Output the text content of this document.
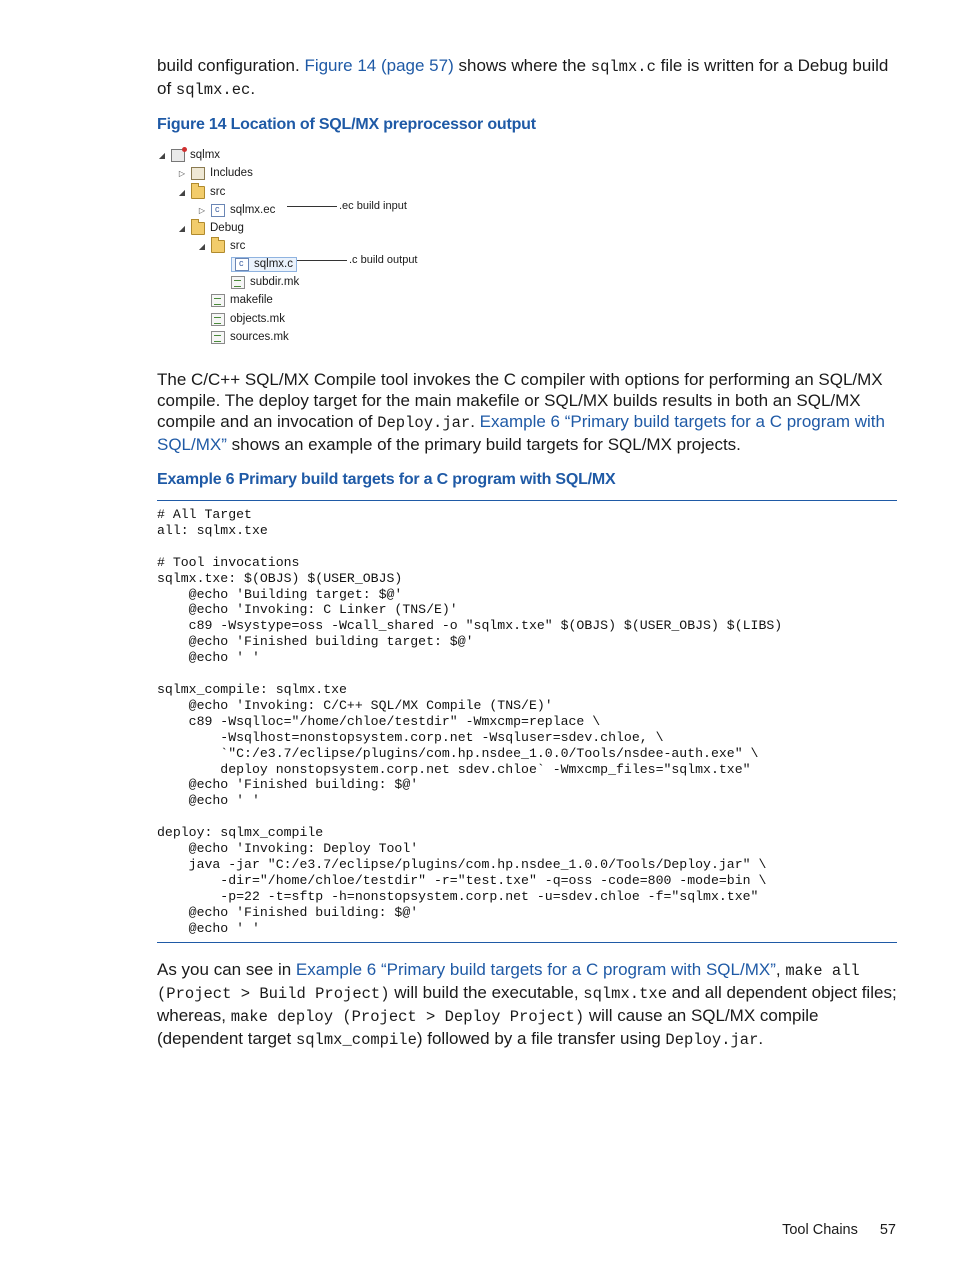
build configuration. Figure 14 (page 57) shows where the sqlmx.c file is written for a Debug build of sqlmx.ec.

Figure 14 Location of SQL/MX preprocessor output

◢ sqlmx
▷ Includes
◢ src
▷
c sqlmx.ec
◢ Debug
◢ src
c
sqlmx.c
subdir.mk
makefile
objects.mk
sources.mk
.ec build input
.c build output

The C/C++ SQL/MX Compile tool invokes the C compiler with options for performing an SQL/MX compile. The deploy target for the main makefile or SQL/MX builds results in both an SQL/MX compile and an invocation of Deploy.jar. Example 6 “Primary build targets for a C program with SQL/MX” shows an example of the primary build targets for SQL/MX projects.

Example 6 Primary build targets for a C program with SQL/MX

# All Target
all: sqlmx.txe

# Tool invocations
sqlmx.txe: $(OBJS) $(USER_OBJS)
@echo 'Building target: $@'
@echo 'Invoking: C Linker (TNS/E)'
c89 -Wsystype=oss -Wcall_shared -o "sqlmx.txe" $(OBJS) $(USER_OBJS) $(LIBS)
@echo 'Finished building target: $@'
@echo ' '

sqlmx_compile: sqlmx.txe
@echo 'Invoking: C/C++ SQL/MX Compile (TNS/E)'
c89 -Wsqlloc="/home/chloe/testdir" -Wmxcmp=replace \
-Wsqlhost=nonstopsystem.corp.net -Wsqluser=sdev.chloe, \
`"C:/e3.7/eclipse/plugins/com.hp.nsdee_1.0.0/Tools/nsdee-auth.exe" \
deploy nonstopsystem.corp.net sdev.chloe` -Wmxcmp_files="sqlmx.txe"
@echo 'Finished building: $@'
@echo ' '

deploy: sqlmx_compile
@echo 'Invoking: Deploy Tool'
java -jar "C:/e3.7/eclipse/plugins/com.hp.nsdee_1.0.0/Tools/Deploy.jar" \
-dir="/home/chloe/testdir" -r="test.txe" -q=oss -code=800 -mode=bin \
-p=22 -t=sftp -h=nonstopsystem.corp.net -u=sdev.chloe -f="sqlmx.txe"
@echo 'Finished building: $@'
@echo ' '

As you can see in Example 6 “Primary build targets for a C program with SQL/MX”, make all (Project > Build Project) will build the executable, sqlmx.txe and all dependent object files; whereas, make deploy (Project > Deploy Project) will cause an SQL/MX compile (dependent target sqlmx_compile) followed by a file transfer using Deploy.jar.

Tool Chains 57
